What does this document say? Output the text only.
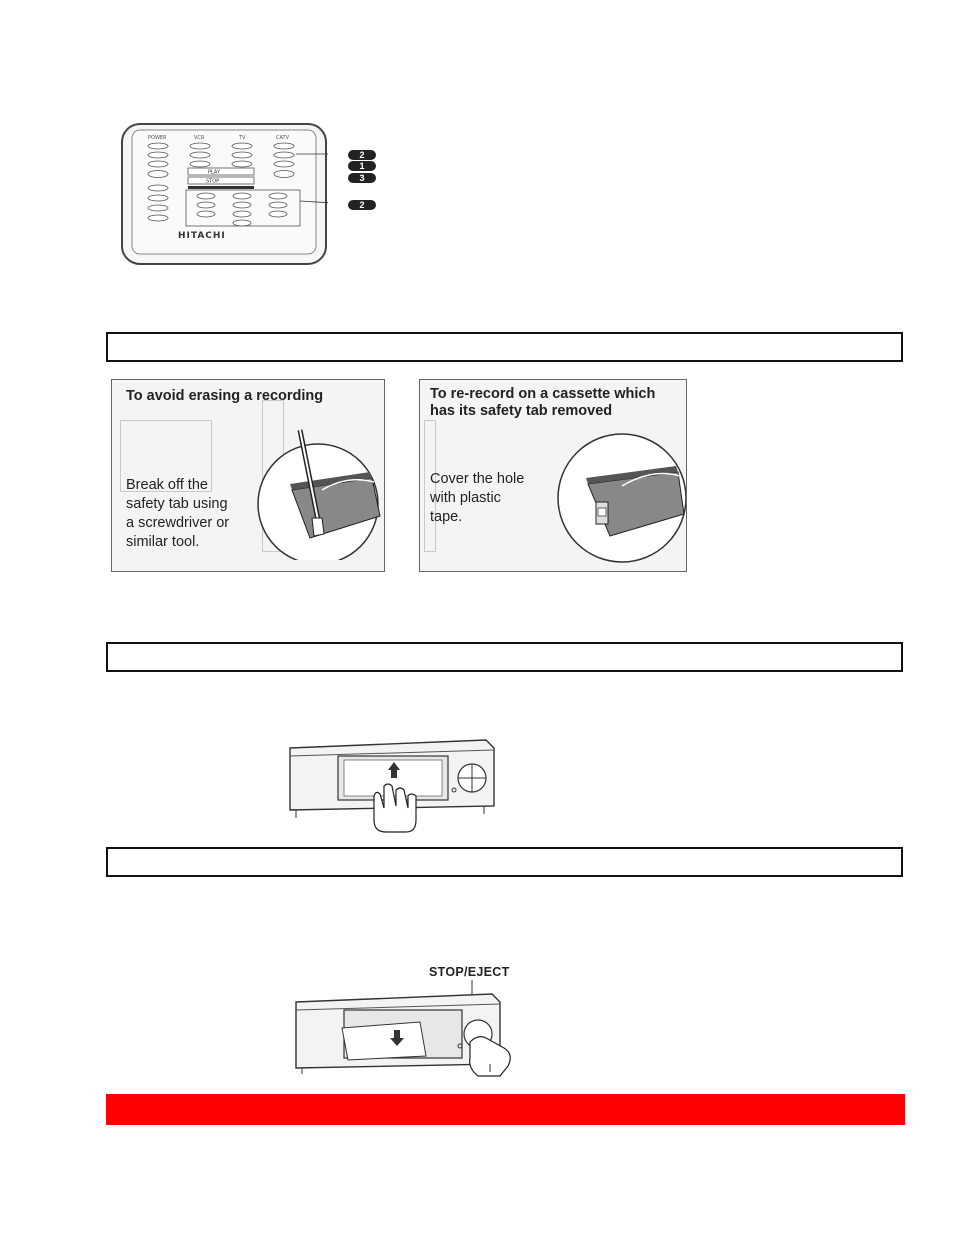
POWER	VCR	TV	CATV
PLAY
STOP
HITACHI
2
1
3
2
To avoid erasing a recording
Break off the
safety tab using
a screwdriver or
similar tool.
To re-record on a cassette which
has its safety tab removed
Cover the hole
with plastic
tape.
STOP/EJECT
